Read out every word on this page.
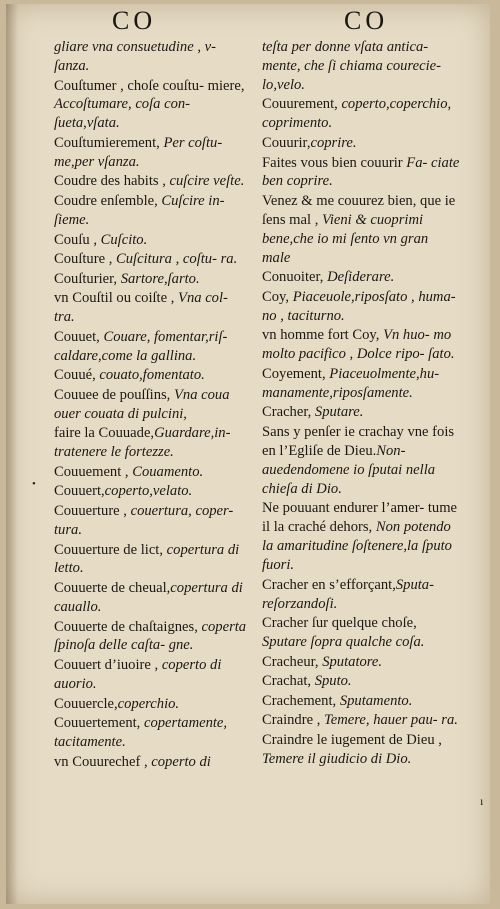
CO	CO
gliare vna consuetudine , v- ſanza.
Couſtumer , choſe couſtu- miere, Accoſtumare, coſa con- ſueta,vſata.
Couſtumierement, Per coſtu- me,per vſanza.
Coudre des habits , cuſcire veſte.
Coudre enſemble, Cuſcire in- ſieme.
Couſu , Cuſcito.
Couſture , Cuſcitura , coſtu- ra.
Couſturier, Sartore,ſarto.
vn Couſtil ou coiſte , Vna col- tra.
Couuet, Couare, fomentar,riſ- caldare,come la gallina.
Couué, couato,fomentato.
Couuee de pouſſins, Vna coua ouer couata di pulcini,
faire la Couuade,Guardare,in- tratenere le fortezze.
Couuement , Couamento.
Couuert,coperto,velato.
Couuerture , couertura, coper- tura.
Couuerture de lict, copertura di letto.
Couuerte de cheual,copertura di cauallo.
Couuerte de chaſtaignes, coperta ſpinoſa delle caſta- gne.
Couuert d’iuoire , coperto di auorio.
Couuercle,coperchio.
Couuertement, copertamente, tacitamente.
vn Couurechef , coperto di
teſta per donne vſata antica- mente, che ſi chiama courecie- lo,velo.
Couurement, coperto,coperchio, coprimento.
Couurir,coprire.
Faites vous bien couurir Fa- ciate ben coprire.
Venez & me couurez bien, que ie ſens mal , Vieni & cuoprimi bene,che io mi ſento vn gran male
Conuoiter, Deſiderare.
Coy, Piaceuole,riposſato , huma- no , taciturno.
vn homme fort Coy, Vn huo- mo molto pacifico , Dolce ripo- ſato.
Coyement, Piaceuolmente,hu- manamente,riposſamente.
Cracher, Sputare.
Sans y penſer ie crachay vne fois en l’Egliſe de Dieu.Non- auedendomene io ſputai nella chieſa di Dio.
Ne pouuant endurer l’amer- tume il la craché dehors, Non potendo la amaritudine ſoſtenere,la ſputo fuori.
Cracher en s’efforçant,Sputa- reſorzandoſi.
Cracher ſur quelque choſe, Sputare ſopra qualche coſa.
Cracheur, Sputatore.
Crachat, Sputo.
Crachement, Sputamento.
Craindre , Temere, hauer pau- ra.
Craindre le iugement de Dieu , Temere il giudicio di Dio.
•
ı
